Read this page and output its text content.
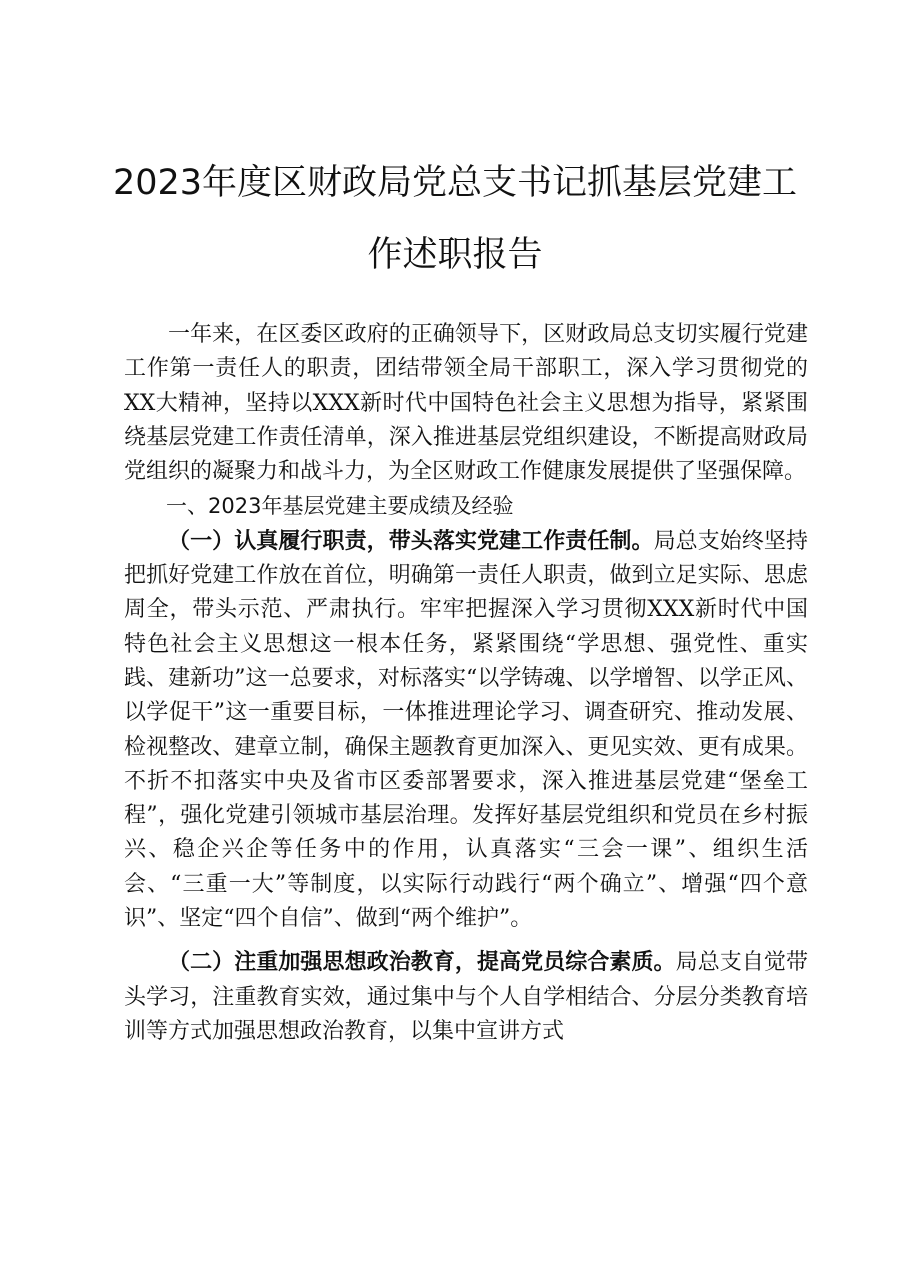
2023年度区财政局党总支书记抓基层党建工作述职报告

一年来，在区委区政府的正确领导下，区财政局总支切实履行党建工作第一责任人的职责，团结带领全局干部职工，深入学习贯彻党的XX大精神，坚持以XXX新时代中国特色社会主义思想为指导，紧紧围绕基层党建工作责任清单，深入推进基层党组织建设，不断提高财政局党组织的凝聚力和战斗力，为全区财政工作健康发展提供了坚强保障。

一、2023年基层党建主要成绩及经验

（一）认真履行职责，带头落实党建工作责任制。局总支始终坚持把抓好党建工作放在首位，明确第一责任人职责，做到立足实际、思虑周全，带头示范、严肃执行。牢牢把握深入学习贯彻XXX新时代中国特色社会主义思想这一根本任务，紧紧围绕“学思想、强党性、重实践、建新功”这一总要求，对标落实“以学铸魂、以学增智、以学正风、以学促干”这一重要目标，一体推进理论学习、调查研究、推动发展、检视整改、建章立制，确保主题教育更加深入、更见实效、更有成果。不折不扣落实中央及省市区委部署要求，深入推进基层党建“堡垒工程”，强化党建引领城市基层治理。发挥好基层党组织和党员在乡村振兴、稳企兴企等任务中的作用，认真落实“三会一课”、组织生活会、“三重一大”等制度，以实际行动践行“两个确立”、增强“四个意识”、坚定“四个自信”、做到“两个维护”。

（二）注重加强思想政治教育，提高党员综合素质。局总支自觉带头学习，注重教育实效，通过集中与个人自学相结合、分层分类教育培训等方式加强思想政治教育，以集中宣讲方式
